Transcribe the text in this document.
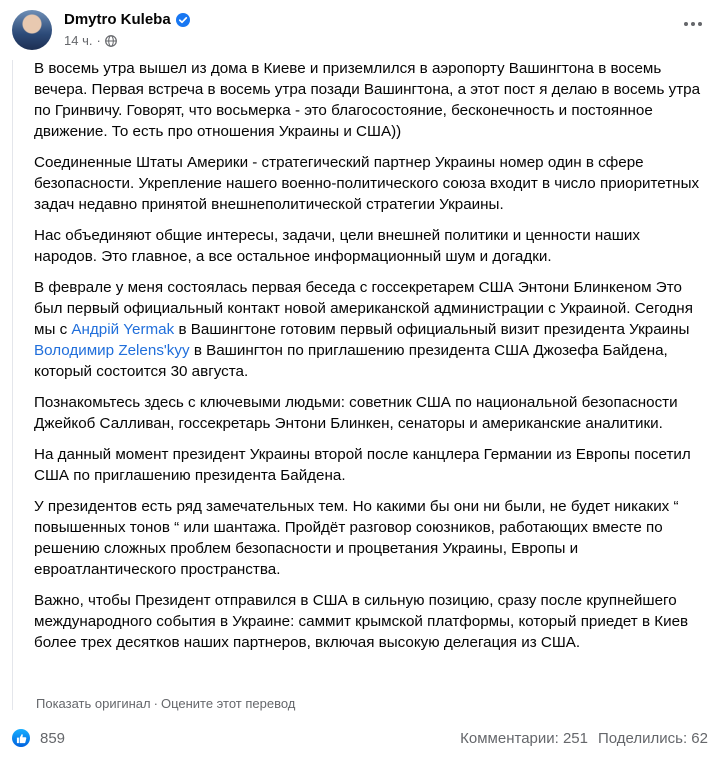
Dmytro Kuleba
14 ч. ·

В восемь утра вышел из дома в Киеве и приземлился в аэропорту Вашингтона в восемь вечера. Первая встреча в восемь утра позади Вашингтона, а этот пост я делаю в восемь утра по Гринвичу. Говорят, что восьмерка - это благосостояние, бесконечность и постоянное движение. То есть про отношения Украины и США))

Соединенные Штаты Америки - стратегический партнер Украины номер один в сфере безопасности. Укрепление нашего военно-политического союза входит в число приоритетных задач недавно принятой внешнеполитической стратегии Украины.

Нас объединяют общие интересы, задачи, цели внешней политики и ценности наших народов. Это главное, а все остальное информационный шум и догадки.

В феврале у меня состоялась первая беседа с госсекретарем США Энтони Блинкеном Это был первый официальный контакт новой американской администрации с Украиной. Сегодня мы с Андрій Yermak в Вашингтоне готовим первый официальный визит президента Украины Володимир Zelens'kyy в Вашингтон по приглашению президента США Джозефа Байдена, который состоится 30 августа.

Познакомьтесь здесь с ключевыми людьми: советник США по национальной безопасности Джейкоб Салливан, госсекретарь Энтони Блинкен, сенаторы и американские аналитики.

На данный момент президент Украины второй после канцлера Германии из Европы посетил США по приглашению президента Байдена.

У президентов есть ряд замечательных тем. Но какими бы они ни были, не будет никаких “ повышенных тонов “ или шантажа. Пройдёт разговор союзников, работающих вместе по решению сложных проблем безопасности и процветания Украины, Европы и евроатлантического пространства.

Важно, чтобы Президент отправился в США в сильную позицию, сразу после крупнейшего международного события в Украине: саммит крымской платформы, который приедет в Киев более трех десятков наших партнеров, включая высокую делегация из США.

Показать оригинал · Оцените этот перевод
859	Комментарии: 251 Поделились: 62
